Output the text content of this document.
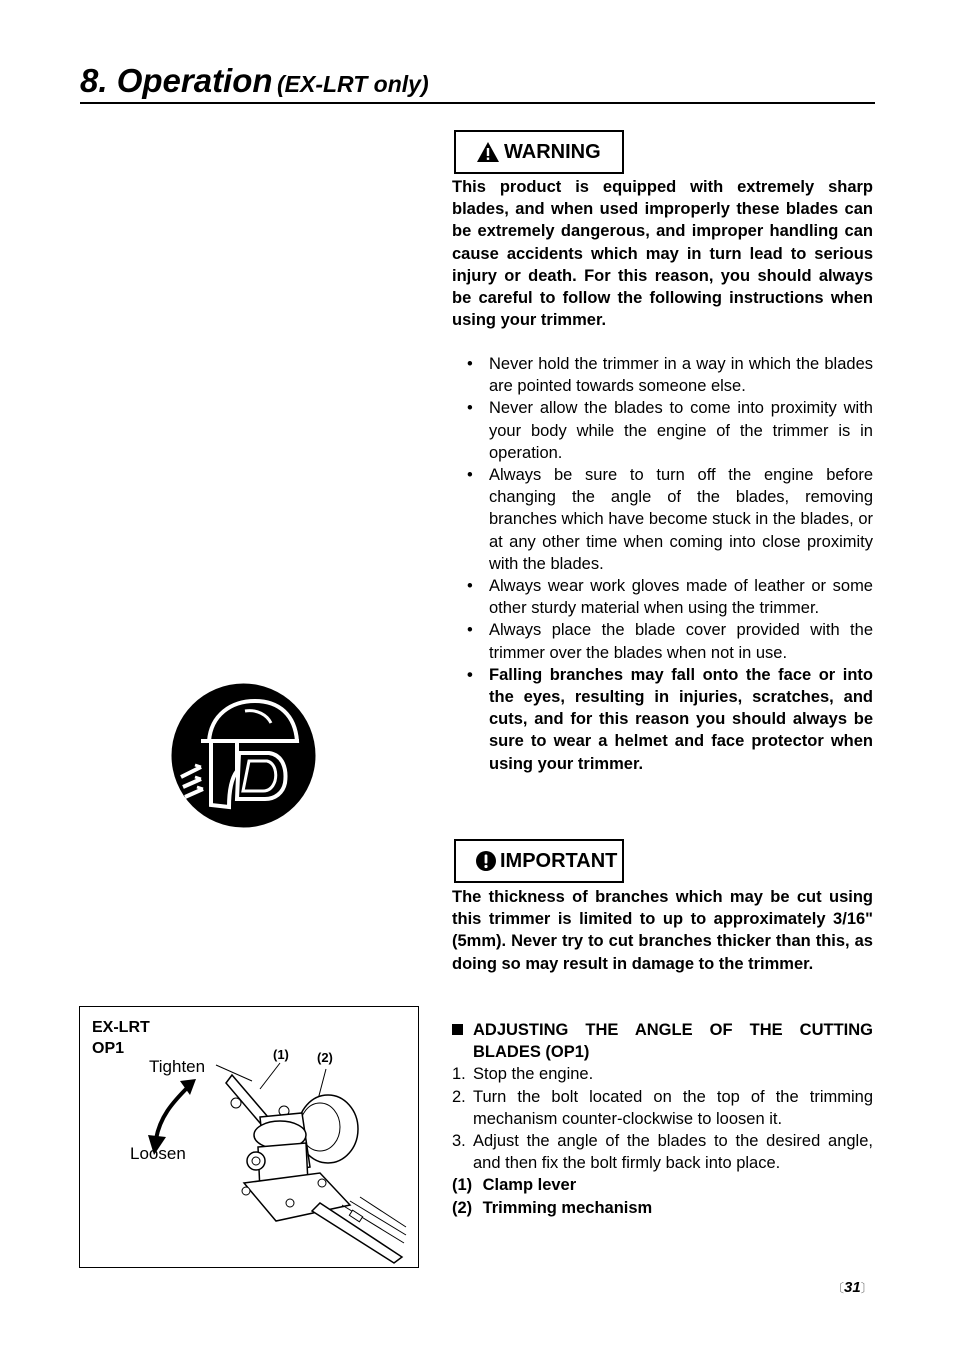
8. Operation (EX-LRT only)
WARNING
This product is equipped with extremely sharp blades, and when used improperly these blades can be extremely dangerous, and improper handling can cause accidents which may in turn lead to serious injury or death. For this reason, you should always be careful to follow the following instructions when using your trimmer.
• Never hold the trimmer in a way in which the blades are pointed towards someone else.
• Never allow the blades to come into proximity with your body while the engine of the trimmer is in operation.
• Always be sure to turn off the engine before changing the angle of the blades, removing branches which have become stuck in the blades, or at any other time when coming into close proximity with the blades.
• Always wear work gloves made of leather or some other sturdy material when using the trimmer.
• Always place the blade cover provided with the trimmer over the blades when not in use.
• Falling branches may fall onto the face or into the eyes, resulting in injuries, scratches, and cuts, and for this reason you should always be sure to wear a helmet and face protector when using your trimmer.
IMPORTANT
The thickness of branches which may be cut using this trimmer is limited to up to approximately 3/16" (5mm). Never try to cut branches thicker than this, as doing so may result in damage to the trimmer.
ADJUSTING THE ANGLE OF THE CUTTING BLADES (OP1)
1. Stop the engine.
2. Turn the bolt located on the top of the trimming mechanism counter-clockwise to loosen it.
3. Adjust the angle of the blades to the desired angle, and then fix the bolt firmly back into place.
(1) Clamp lever
(2) Trimming mechanism
EX-LRT
OP1
Tighten
Loosen
(1) (2)
〔31〕
